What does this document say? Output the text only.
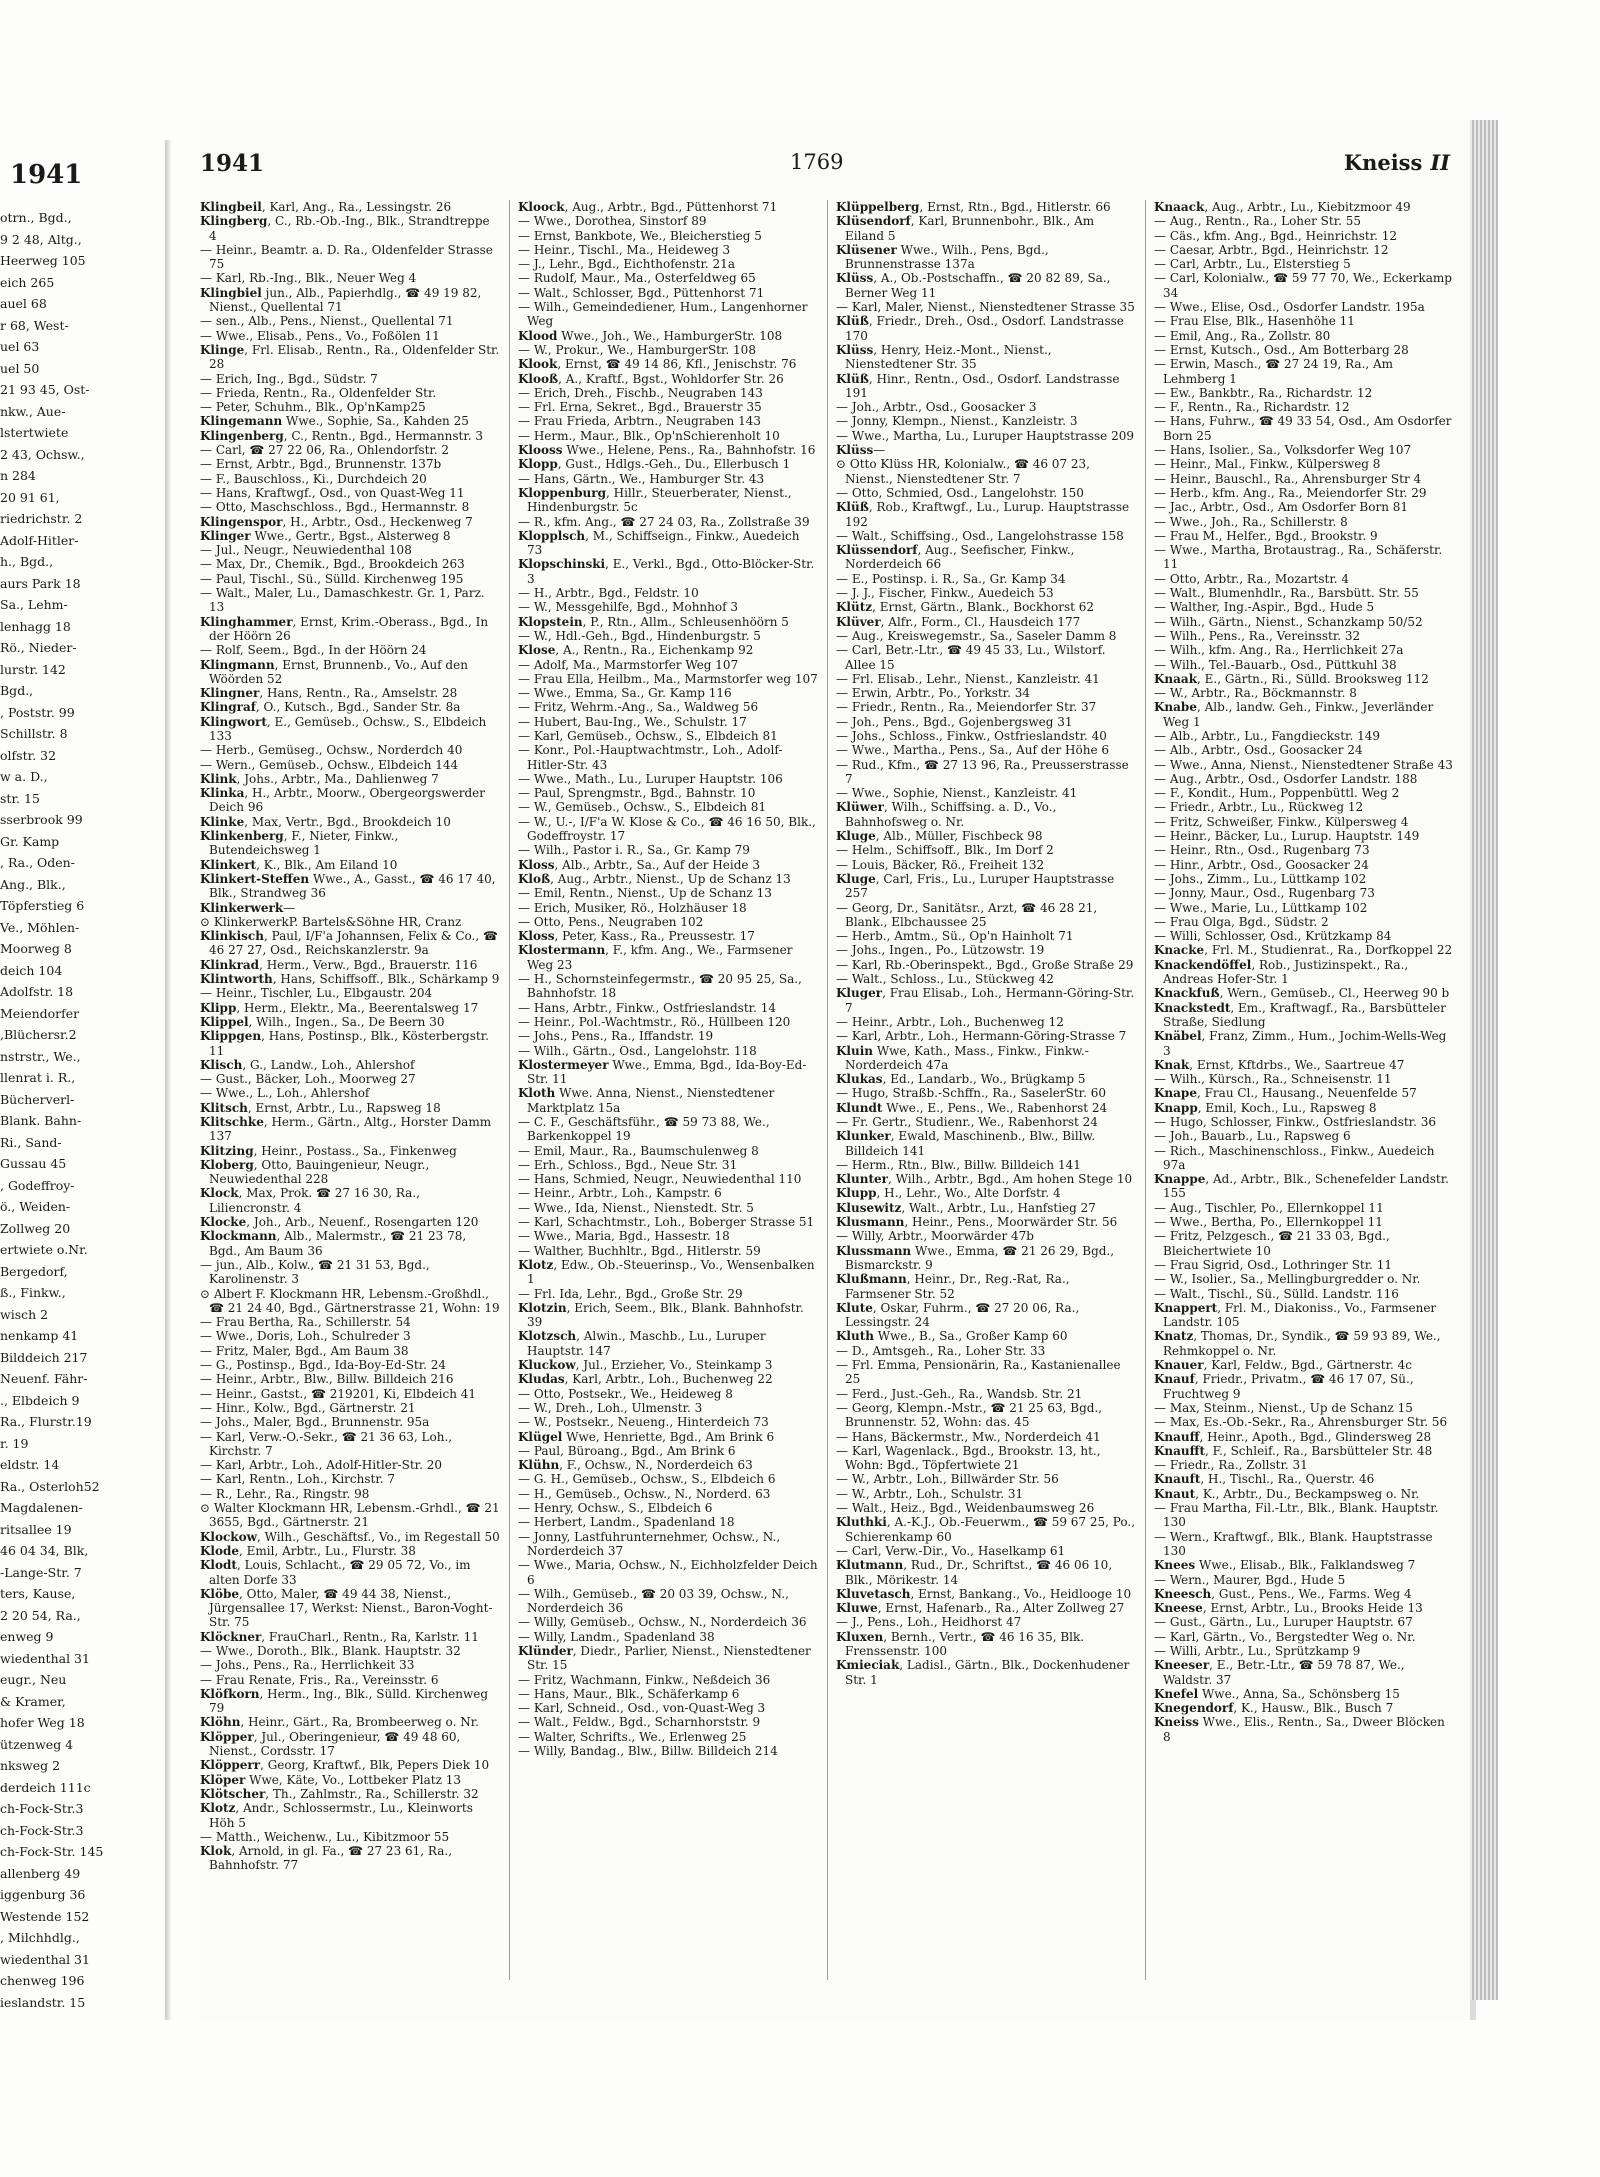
1941
otrn., Bgd.,
9 2 48, Altg.,
Heerweg 105
eich 265
auel 68
r 68, West-
uel 63
uel 50
21 93 45, Ost-
nkw., Aue-
lstertwiete
2 43, Ochsw.,
n 284
20 91 61,
riedrichstr. 2
Adolf-Hitler-
h., Bgd.,
aurs Park 18
Sa., Lehm-
lenhagg 18
Rö., Nieder-
lurstr. 142
Bgd.,
, Poststr. 99
Schillstr. 8
olfstr. 32
w a. D.,
str. 15
sserbrook 99
Gr. Kamp
, Ra., Oden-
Ang., Blk.,
Töpferstieg 6
Ve., Möhlen-
Moorweg 8
deich 104
Adolfstr. 18
Meiendorfer
,Blüchersr.2
nstrstr., We.,
llenrat i. R.,
Bücherverl-
Blank. Bahn-
Ri., Sand-
Gussau 45
, Godeffroy-
ö., Weiden-
Zollweg 20
ertwiete o.Nr.
Bergedorf,
ß., Finkw.,
wisch 2
nenkamp 41
Bilddeich 217
Neuenf. Fähr-
., Elbdeich 9
Ra., Flurstr.19
r. 19
eldstr. 14
Ra., Osterloh52
Magdalenen-
ritsallee 19
46 04 34, Blk,
-Lange-Str. 7
ters, Kause,
2 20 54, Ra.,
enweg 9
wiedenthal 31
eugr., Neu
& Kramer,
hofer Weg 18
ützenweg 4
nksweg 2
derdeich 111c
ch-Fock-Str.3
ch-Fock-Str.3
ch-Fock-Str. 145
allenberg 49
iggenburg 36
Westende 152
, Milchhdlg.,
wiedenthal 31
chenweg 196
ieslandstr. 15
1941	1769	Kneiss II

Klingbeil, Karl, Ang., Ra., Lessingstr. 26

Klingberg, C., Rb.-Ob.-Ing., Blk., Strandtreppe 4

— Heinr., Beamtr. a. D. Ra., Oldenfelder Strasse 75

— Karl, Rb.-Ing., Blk., Neuer Weg 4

Klingbiel jun., Alb., Papierhdlg., ☎ 49 19 82, Nienst., Quellental 71

— sen., Alb., Pens., Nienst., Quellental 71

— Wwe., Elisab., Pens., Vo., Foßölen 11

Klinge, Frl. Elisab., Rentn., Ra., Oldenfelder Str. 28

— Erich, Ing., Bgd., Südstr. 7

— Frieda, Rentn., Ra., Oldenfelder Str.

— Peter, Schuhm., Blk., Op'nKamp25

Klingemann Wwe., Sophie, Sa., Kahden 25

Klingenberg, C., Rentn., Bgd., Hermannstr. 3

— Carl, ☎ 27 22 06, Ra., Ohlendorfstr. 2

— Ernst, Arbtr., Bgd., Brunnenstr. 137b

— F., Bauschloss., Ki., Durchdeich 20

— Hans, Kraftwgf., Osd., von Quast-Weg 11

— Otto, Maschschloss., Bgd., Hermannstr. 8

Klingenspor, H., Arbtr., Osd., Heckenweg 7

Klinger Wwe., Gertr., Bgst., Alsterweg 8

— Jul., Neugr., Neuwiedenthal 108

— Max, Dr., Chemik., Bgd., Brookdeich 263

— Paul, Tischl., Sü., Sülld. Kirchenweg 195

— Walt., Maler, Lu., Damaschkestr. Gr. 1, Parz. 13

Klinghammer, Ernst, Krim.-Oberass., Bgd., In der Höörn 26

— Rolf, Seem., Bgd., In der Höörn 24

Klingmann, Ernst, Brunnenb., Vo., Auf den Wöörden 52

Klingner, Hans, Rentn., Ra., Amselstr. 28

Klingraf, O., Kutsch., Bgd., Sander Str. 8a

Klingwort, E., Gemüseb., Ochsw., S., Elbdeich 133

— Herb., Gemüseg., Ochsw., Norderdch 40

— Wern., Gemüseb., Ochsw., Elbdeich 144

Klink, Johs., Arbtr., Ma., Dahlienweg 7

Klinka, H., Arbtr., Moorw., Obergeorgswerder Deich 96

Klinke, Max, Vertr., Bgd., Brookdeich 10

Klinkenberg, F., Nieter, Finkw., Butendeichsweg 1

Klinkert, K., Blk., Am Eiland 10

Klinkert-Steffen Wwe., A., Gasst., ☎ 46 17 40, Blk., Strandweg 36

Klinkerwerk—

⊙ KlinkerwerkP. Bartels&Söhne HR, Cranz

Klinkisch, Paul, I/F'a Johannsen, Felix & Co., ☎ 46 27 27, Osd., Reichskanzlerstr. 9a

Klinkrad, Herm., Verw., Bgd., Brauerstr. 116

Klintworth, Hans, Schiffsoff., Blk., Schärkamp 9

— Heinr., Tischler, Lu., Elbgaustr. 204

Klipp, Herm., Elektr., Ma., Beerentalsweg 17

Klippel, Wilh., Ingen., Sa., De Beern 30

Klippgen, Hans, Postinsp., Blk., Kösterbergstr. 11

Klisch, G., Landw., Loh., Ahlershof

— Gust., Bäcker, Loh., Moorweg 27

— Wwe., L., Loh., Ahlershof

Klitsch, Ernst, Arbtr., Lu., Rapsweg 18

Klitschke, Herm., Gärtn., Altg., Horster Damm 137

Klitzing, Heinr., Postass., Sa., Finkenweg

Kloberg, Otto, Bauingenieur, Neugr., Neuwiedenthal 228

Klock, Max, Prok. ☎ 27 16 30, Ra., Liliencronstr. 4

Klocke, Joh., Arb., Neuenf., Rosengarten 120

Klockmann, Alb., Malermstr., ☎ 21 23 78, Bgd., Am Baum 36

— jun., Alb., Kolw., ☎ 21 31 53, Bgd., Karolinenstr. 3

⊙ Albert F. Klockmann HR, Lebensm.-Großhdl., ☎ 21 24 40, Bgd., Gärtnerstrasse 21, Wohn: 19

— Frau Bertha, Ra., Schillerstr. 54

— Wwe., Doris, Loh., Schulreder 3

— Fritz, Maler, Bgd., Am Baum 38

— G., Postinsp., Bgd., Ida-Boy-Ed-Str. 24

— Heinr., Arbtr., Blw., Billw. Billdeich 216

— Heinr., Gastst., ☎ 219201, Ki, Elbdeich 41

— Hinr., Kolw., Bgd., Gärtnerstr. 21

— Johs., Maler, Bgd., Brunnenstr. 95a

— Karl, Verw.-O.-Sekr., ☎ 21 36 63, Loh., Kirchstr. 7

— Karl, Arbtr., Loh., Adolf-Hitler-Str. 20

— Karl, Rentn., Loh., Kirchstr. 7

— R., Lehr., Ra., Ringstr. 98

⊙ Walter Klockmann HR, Lebensm.-Grhdl., ☎ 21 3655, Bgd., Gärtnerstr. 21

Klockow, Wilh., Geschäftsf., Vo., im Regestall 50

Klode, Emil, Arbtr., Lu., Flurstr. 38

Klodt, Louis, Schlacht., ☎ 29 05 72, Vo., im alten Dorfe 33

Klöbe, Otto, Maler, ☎ 49 44 38, Nienst., Jürgensallee 17, Werkst: Nienst., Baron-Voght-Str. 75

Klöckner, FrauCharl., Rentn., Ra, Karlstr. 11

— Wwe., Doroth., Blk., Blank. Hauptstr. 32

— Johs., Pens., Ra., Herrlichkeit 33

— Frau Renate, Fris., Ra., Vereinsstr. 6

Klöfkorn, Herm., Ing., Blk., Sülld. Kirchenweg 79

Klöhn, Heinr., Gärt., Ra, Brombeerweg o. Nr.

Klöpper, Jul., Oberingenieur, ☎ 49 48 60, Nienst., Cordsstr. 17

Klöpperr, Georg, Kraftwf., Blk, Pepers Diek 10

Klöper Wwe, Käte, Vo., Lottbeker Platz 13

Klötscher, Th., Zahlmstr., Ra., Schillerstr. 32

Klotz, Andr., Schlossermstr., Lu., Kleinworts Höh 5

— Matth., Weichenw., Lu., Kibitzmoor 55

Klok, Arnold, in gl. Fa., ☎ 27 23 61, Ra., Bahnhofstr. 77

Kloock, Aug., Arbtr., Bgd., Püttenhorst 71

— Wwe., Dorothea, Sinstorf 89

— Ernst, Bankbote, We., Bleicherstieg 5

— Heinr., Tischl., Ma., Heideweg 3

— J., Lehr., Bgd., Eichthofenstr. 21a

— Rudolf, Maur., Ma., Osterfeldweg 65

— Walt., Schlosser, Bgd., Püttenhorst 71

— Wilh., Gemeindediener, Hum., Langenhorner Weg

Klood Wwe., Joh., We., HamburgerStr. 108

— W., Prokur., We., HamburgerStr. 108

Klook, Ernst, ☎ 49 14 86, Kfl., Jenischstr. 76

Klooß, A., Kraftf., Bgst., Wohldorfer Str. 26

— Erich, Dreh., Fischb., Neugraben 143

— Frl. Erna, Sekret., Bgd., Brauerstr 35

— Frau Frieda, Arbtrn., Neugraben 143

— Herm., Maur., Blk., Op'nSchierenholt 10

Klooss Wwe., Helene, Pens., Ra., Bahnhofstr. 16

Klopp, Gust., Hdlgs.-Geh., Du., Ellerbusch 1

— Hans, Gärtn., We., Hamburger Str. 43

Kloppenburg, Hillr., Steuerberater, Nienst., Hindenburgstr. 5c

— R., kfm. Ang., ☎ 27 24 03, Ra., Zollstraße 39

Klopplsch, M., Schiffseign., Finkw., Auedeich 73

Klopschinski, E., Verkl., Bgd., Otto-Blöcker-Str. 3

— H., Arbtr., Bgd., Feldstr. 10

— W., Messgehilfe, Bgd., Mohnhof 3

Klopstein, P., Rtn., Allm., Schleusenhöörn 5

— W., Hdl.-Geh., Bgd., Hindenburgstr. 5

Klose, A., Rentn., Ra., Eichenkamp 92

— Adolf, Ma., Marmstorfer Weg 107

— Frau Ella, Heilbm., Ma., Marmstorfer weg 107

— Wwe., Emma, Sa., Gr. Kamp 116

— Fritz, Wehrm.-Ang., Sa., Waldweg 56

— Hubert, Bau-Ing., We., Schulstr. 17

— Karl, Gemüseb., Ochsw., S., Elbdeich 81

— Konr., Pol.-Hauptwachtmstr., Loh., Adolf-Hitler-Str. 43

— Wwe., Math., Lu., Luruper Hauptstr. 106

— Paul, Sprengmstr., Bgd., Bahnstr. 10

— W., Gemüseb., Ochsw., S., Elbdeich 81

— W., U.-, I/F'a W. Klose & Co., ☎ 46 16 50, Blk., Godeffroystr. 17

— Wilh., Pastor i. R., Sa., Gr. Kamp 79

Kloss, Alb., Arbtr., Sa., Auf der Heide 3

Kloß, Aug., Arbtr., Nienst., Up de Schanz 13

— Emil, Rentn., Nienst., Up de Schanz 13

— Erich, Musiker, Rö., Holzhäuser 18

— Otto, Pens., Neugraben 102

Kloss, Peter, Kass., Ra., Preussestr. 17

Klostermann, F., kfm. Ang., We., Farmsener Weg 23

— H., Schornsteinfegermstr., ☎ 20 95 25, Sa., Bahnhofstr. 18

— Hans, Arbtr., Finkw., Ostfrieslandstr. 14

— Heinr., Pol.-Wachtmstr., Rö., Hüllbeen 120

— Johs., Pens., Ra., Iffandstr. 19

— Wilh., Gärtn., Osd., Langelohstr. 118

Klostermeyer Wwe., Emma, Bgd., Ida-Boy-Ed-Str. 11

Kloth Wwe. Anna, Nienst., Nienstedtener Marktplatz 15a

— C. F., Geschäftsführ., ☎ 59 73 88, We., Barkenkoppel 19

— Emil, Maur., Ra., Baumschulenweg 8

— Erh., Schloss., Bgd., Neue Str. 31

— Hans, Schmied, Neugr., Neuwiedenthal 110

— Heinr., Arbtr., Loh., Kampstr. 6

— Wwe., Ida, Nienst., Nienstedt. Str. 5

— Karl, Schachtmstr., Loh., Boberger Strasse 51

— Wwe., Maria, Bgd., Hassestr. 18

— Walther, Buchhltr., Bgd., Hitlerstr. 59

Klotz, Edw., Ob.-Steuerinsp., Vo., Wensenbalken 1

— Frl. Ida, Lehr., Bgd., Große Str. 29

Klotzin, Erich, Seem., Blk., Blank. Bahnhofstr. 39

Klotzsch, Alwin., Maschb., Lu., Luruper Hauptstr. 147

Kluckow, Jul., Erzieher, Vo., Steinkamp 3

Kludas, Karl, Arbtr., Loh., Buchenweg 22

— Otto, Postsekr., We., Heideweg 8

— W., Dreh., Loh., Ulmenstr. 3

— W., Postsekr., Neueng., Hinterdeich 73

Klügel Wwe, Henriette, Bgd., Am Brink 6

— Paul, Büroang., Bgd., Am Brink 6

Klühn, F., Ochsw., N., Norderdeich 63

— G. H., Gemüseb., Ochsw., S., Elbdeich 6

— H., Gemüseb., Ochsw., N., Norderd. 63

— Henry, Ochsw., S., Elbdeich 6

— Herbert, Landm., Spadenland 18

— Jonny, Lastfuhrunternehmer, Ochsw., N., Norderdeich 37

— Wwe., Maria, Ochsw., N., Eichholzfelder Deich 6

— Wilh., Gemüseb., ☎ 20 03 39, Ochsw., N., Norderdeich 36

— Willy, Gemüseb., Ochsw., N., Norderdeich 36

— Willy, Landm., Spadenland 38

Klünder, Diedr., Parlier, Nienst., Nienstedtener Str. 15

— Fritz, Wachmann, Finkw., Neßdeich 36

— Hans, Maur., Blk., Schäferkamp 6

— Karl, Schneid., Osd., von-Quast-Weg 3

— Walt., Feldw., Bgd., Scharnhorststr. 9

— Walter, Schrifts., We., Erlenweg 25

— Willy, Bandag., Blw., Billw. Billdeich 214

Klüppelberg, Ernst, Rtn., Bgd., Hitlerstr. 66

Klüsendorf, Karl, Brunnenbohr., Blk., Am Eiland 5

Klüsener Wwe., Wilh., Pens, Bgd., Brunnenstrasse 137a

Klüss, A., Ob.-Postschaffn., ☎ 20 82 89, Sa., Berner Weg 11

— Karl, Maler, Nienst., Nienstedtener Strasse 35

Klüß, Friedr., Dreh., Osd., Osdorf. Landstrasse 170

Klüss, Henry, Heiz.-Mont., Nienst., Nienstedtener Str. 35

Klüß, Hinr., Rentn., Osd., Osdorf. Landstrasse 191

— Joh., Arbtr., Osd., Goosacker 3

— Jonny, Klempn., Nienst., Kanzleistr. 3

— Wwe., Martha, Lu., Luruper Hauptstrasse 209

Klüss—

⊙ Otto Klüss HR, Kolonialw., ☎ 46 07 23, Nienst., Nienstedtener Str. 7

— Otto, Schmied, Osd., Langelohstr. 150

Klüß, Rob., Kraftwgf., Lu., Lurup. Hauptstrasse 192

— Walt., Schiffsing., Osd., Langelohstrasse 158

Klüssendorf, Aug., Seefischer, Finkw., Norderdeich 66

— E., Postinsp. i. R., Sa., Gr. Kamp 34

— J. J., Fischer, Finkw., Auedeich 53

Klütz, Ernst, Gärtn., Blank., Bockhorst 62

Klüver, Alfr., Form., Cl., Hausdeich 177

— Aug., Kreiswegemstr., Sa., Saseler Damm 8

— Carl, Betr.-Ltr., ☎ 49 45 33, Lu., Wilstorf. Allee 15

— Frl. Elisab., Lehr., Nienst., Kanzleistr. 41

— Erwin, Arbtr., Po., Yorkstr. 34

— Friedr., Rentn., Ra., Meiendorfer Str. 37

— Joh., Pens., Bgd., Gojenbergsweg 31

— Johs., Schloss., Finkw., Ostfrieslandstr. 40

— Wwe., Martha., Pens., Sa., Auf der Höhe 6

— Rud., Kfm., ☎ 27 13 96, Ra., Preusserstrasse 7

— Wwe., Sophie, Nienst., Kanzleistr. 41

Klüwer, Wilh., Schiffsing. a. D., Vo., Bahnhofsweg o. Nr.

Kluge, Alb., Müller, Fischbeck 98

— Helm., Schiffsoff., Blk., Im Dorf 2

— Louis, Bäcker, Rö., Freiheit 132

Kluge, Carl, Fris., Lu., Luruper Hauptstrasse 257

— Georg, Dr., Sanitätsr., Arzt, ☎ 46 28 21, Blank., Elbchaussee 25

— Herb., Amtm., Sü., Op'n Hainholt 71

— Johs., Ingen., Po., Lützowstr. 19

— Karl, Rb.-Oberinspekt., Bgd., Große Straße 29

— Walt., Schloss., Lu., Stückweg 42

Kluger, Frau Elisab., Loh., Hermann-Göring-Str. 7

— Heinr., Arbtr., Loh., Buchenweg 12

— Karl, Arbtr., Loh., Hermann-Göring-Strasse 7

Kluin Wwe, Kath., Mass., Finkw., Finkw.-Norderdeich 47a

Klukas, Ed., Landarb., Wo., Brügkamp 5

— Hugo, Straßb.-Schffn., Ra., SaselerStr. 60

Klundt Wwe., E., Pens., We., Rabenhorst 24

— Fr. Gertr., Studienr., We., Rabenhorst 24

Klunker, Ewald, Maschinenb., Blw., Billw. Billdeich 141

— Herm., Rtn., Blw., Billw. Billdeich 141

Klunter, Wilh., Arbtr., Bgd., Am hohen Stege 10

Klupp, H., Lehr., Wo., Alte Dorfstr. 4

Klusewitz, Walt., Arbtr., Lu., Hanfstieg 27

Klusmann, Heinr., Pens., Moorwärder Str. 56

— Willy, Arbtr., Moorwärder 47b

Klussmann Wwe., Emma, ☎ 21 26 29, Bgd., Bismarckstr. 9

Klußmann, Heinr., Dr., Reg.-Rat, Ra., Farmsener Str. 52

Klute, Oskar, Fuhrm., ☎ 27 20 06, Ra., Lessingstr. 24

Kluth Wwe., B., Sa., Großer Kamp 60

— D., Amtsgeh., Ra., Loher Str. 33

— Frl. Emma, Pensionärin, Ra., Kastanienallee 25

— Ferd., Just.-Geh., Ra., Wandsb. Str. 21

— Georg, Klempn.-Mstr., ☎ 21 25 63, Bgd., Brunnenstr. 52, Wohn: das. 45

— Hans, Bäckermstr., Mw., Norderdeich 41

— Karl, Wagenlack., Bgd., Brookstr. 13, ht., Wohn: Bgd., Töpfertwiete 21

— W., Arbtr., Loh., Billwärder Str. 56

— W., Arbtr., Loh., Schulstr. 31

— Walt., Heiz., Bgd., Weidenbaumsweg 26

Kluthki, A.-K.J., Ob.-Feuerwm., ☎ 59 67 25, Po., Schierenkamp 60

— Carl, Verw.-Dir., Vo., Haselkamp 61

Klutmann, Rud., Dr., Schriftst., ☎ 46 06 10, Blk., Mörikestr. 14

Kluvetasch, Ernst, Bankang., Vo., Heidlooge 10

Kluwe, Ernst, Hafenarb., Ra., Alter Zollweg 27

— J., Pens., Loh., Heidhorst 47

Kluxen, Bernh., Vertr., ☎ 46 16 35, Blk. Frenssenstr. 100

Kmieciak, Ladisl., Gärtn., Blk., Dockenhudener Str. 1

Knaack, Aug., Arbtr., Lu., Kiebitzmoor 49

— Aug., Rentn., Ra., Loher Str. 55

— Cäs., kfm. Ang., Bgd., Heinrichstr. 12

— Caesar, Arbtr., Bgd., Heinrichstr. 12

— Carl, Arbtr., Lu., Elsterstieg 5

— Carl, Kolonialw., ☎ 59 77 70, We., Eckerkamp 34

— Wwe., Elise, Osd., Osdorfer Landstr. 195a

— Frau Else, Blk., Hasenhöhe 11

— Emil, Ang., Ra., Zollstr. 80

— Ernst, Kutsch., Osd., Am Botterbarg 28

— Erwin, Masch., ☎ 27 24 19, Ra., Am Lehmberg 1

— Ew., Bankbtr., Ra., Richardstr. 12

— F., Rentn., Ra., Richardstr. 12

— Hans, Fuhrw., ☎ 49 33 54, Osd., Am Osdorfer Born 25

— Hans, Isolier., Sa., Volksdorfer Weg 107

— Heinr., Mal., Finkw., Külpersweg 8

— Heinr., Bauschl., Ra., Ahrensburger Str 4

— Herb., kfm. Ang., Ra., Meiendorfer Str. 29

— Jac., Arbtr., Osd., Am Osdorfer Born 81

— Wwe., Joh., Ra., Schillerstr. 8

— Frau M., Helfer., Bgd., Brookstr. 9

— Wwe., Martha, Brotaustrag., Ra., Schäferstr. 11

— Otto, Arbtr., Ra., Mozartstr. 4

— Walt., Blumenhdlr., Ra., Barsbütt. Str. 55

— Walther, Ing.-Aspir., Bgd., Hude 5

— Wilh., Gärtn., Nienst., Schanzkamp 50/52

— Wilh., Pens., Ra., Vereinsstr. 32

— Wilh., kfm. Ang., Ra., Herrlichkeit 27a

— Wilh., Tel.-Bauarb., Osd., Püttkuhl 38

Knaak, E., Gärtn., Ri., Sülld. Brooksweg 112

— W., Arbtr., Ra., Böckmannstr. 8

Knabe, Alb., landw. Geh., Finkw., Jeverländer Weg 1

— Alb., Arbtr., Lu., Fangdieckstr. 149

— Alb., Arbtr., Osd., Goosacker 24

— Wwe., Anna, Nienst., Nienstedtener Straße 43

— Aug., Arbtr., Osd., Osdorfer Landstr. 188

— F., Kondit., Hum., Poppenbüttl. Weg 2

— Friedr., Arbtr., Lu., Rückweg 12

— Fritz, Schweißer, Finkw., Külpersweg 4

— Heinr., Bäcker, Lu., Lurup. Hauptstr. 149

— Heinr., Rtn., Osd., Rugenbarg 73

— Hinr., Arbtr., Osd., Goosacker 24

— Johs., Zimm., Lu., Lüttkamp 102

— Jonny, Maur., Osd., Rugenbarg 73

— Wwe., Marie, Lu., Lüttkamp 102

— Frau Olga, Bgd., Südstr. 2

— Willi, Schlosser, Osd., Krützkamp 84

Knacke, Frl. M., Studienrat., Ra., Dorfkoppel 22

Knackendöffel, Rob., Justizinspekt., Ra., Andreas Hofer-Str. 1

Knackfuß, Wern., Gemüseb., Cl., Heerweg 90 b

Knackstedt, Em., Kraftwagf., Ra., Barsbütteler Straße, Siedlung

Knäbel, Franz, Zimm., Hum., Jochim-Wells-Weg 3

Knak, Ernst, Kftdrbs., We., Saartreue 47

— Wilh., Kürsch., Ra., Schneisenstr. 11

Knape, Frau Cl., Hausang., Neuenfelde 57

Knapp, Emil, Koch., Lu., Rapsweg 8

— Hugo, Schlosser, Finkw., Ostfrieslandstr. 36

— Joh., Bauarb., Lu., Rapsweg 6

— Rich., Maschinenschloss., Finkw., Auedeich 97a

Knappe, Ad., Arbtr., Blk., Schenefelder Landstr. 155

— Aug., Tischler, Po., Ellernkoppel 11

— Wwe., Bertha, Po., Ellernkoppel 11

— Fritz, Pelzgesch., ☎ 21 33 03, Bgd., Bleichertwiete 10

— Frau Sigrid, Osd., Lothringer Str. 11

— W., Isolier., Sa., Mellingburgredder o. Nr.

— Walt., Tischl., Sü., Sülld. Landstr. 116

Knappert, Frl. M., Diakoniss., Vo., Farmsener Landstr. 105

Knatz, Thomas, Dr., Syndik., ☎ 59 93 89, We., Rehmkoppel o. Nr.

Knauer, Karl, Feldw., Bgd., Gärtnerstr. 4c

Knauf, Friedr., Privatm., ☎ 46 17 07, Sü., Fruchtweg 9

— Max, Steinm., Nienst., Up de Schanz 15

— Max, Es.-Ob.-Sekr., Ra., Ahrensburger Str. 56

Knauff, Heinr., Apoth., Bgd., Glindersweg 28

Knaufft, F., Schleif., Ra., Barsbütteler Str. 48

— Friedr., Ra., Zollstr. 31

Knauft, H., Tischl., Ra., Querstr. 46

Knaut, K., Arbtr., Du., Beckampsweg o. Nr.

— Frau Martha, Fil.-Ltr., Blk., Blank. Hauptstr. 130

— Wern., Kraftwgf., Blk., Blank. Hauptstrasse 130

Knees Wwe., Elisab., Blk., Falklandsweg 7

— Wern., Maurer, Bgd., Hude 5

Kneesch, Gust., Pens., We., Farms. Weg 4

Kneese, Ernst, Arbtr., Lu., Brooks Heide 13

— Gust., Gärtn., Lu., Luruper Hauptstr. 67

— Karl, Gärtn., Vo., Bergstedter Weg o. Nr.

— Willi, Arbtr., Lu., Sprützkamp 9

Kneeser, E., Betr.-Ltr., ☎ 59 78 87, We., Waldstr. 37

Knefel Wwe., Anna, Sa., Schönsberg 15

Knegendorf, K., Hausw., Blk., Busch 7

Kneiss Wwe., Elis., Rentn., Sa., Dweer Blöcken 8
